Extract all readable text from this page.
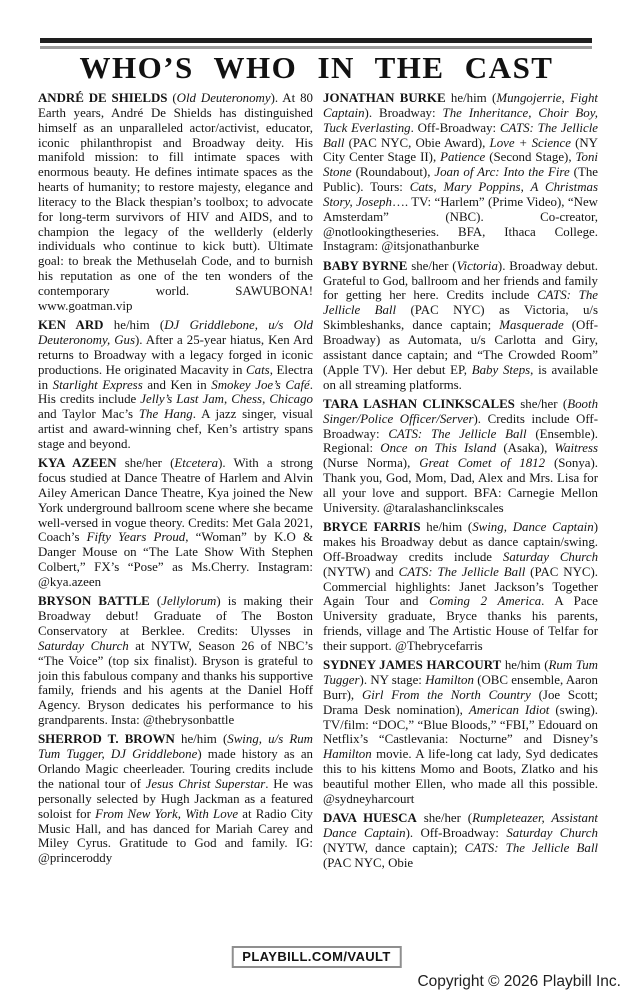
WHO’S WHO IN THE CAST

ANDRÉ DE SHIELDS (Old Deuteronomy). At 80 Earth years, André De Shields has distinguished himself as an unparalleled actor/activist, educator, iconic philanthropist and Broadway deity. His manifold mission: to fill intimate spaces with enormous beauty. He defines intimate spaces as the hearts of humanity; to restore majesty, elegance and literacy to the Black thespian’s toolbox; to advocate for long-term survivors of HIV and AIDS, and to champion the legacy of the wellderly (elderly individuals who continue to kick butt). Ultimate goal: to break the Methuselah Code, and to burnish his reputation as one of the ten wonders of the contemporary world. SAWUBONA! www.goatman.vip

KEN ARD he/him (DJ Griddlebone, u/s Old Deuteronomy, Gus). After a 25-year hiatus, Ken Ard returns to Broadway with a legacy forged in iconic productions. He originated Macavity in Cats, Electra in Starlight Express and Ken in Smokey Joe’s Café. His credits include Jelly’s Last Jam, Chess, Chicago and Taylor Mac’s The Hang. A jazz singer, visual artist and award-winning chef, Ken’s artistry spans stage and beyond.

KYA AZEEN she/her (Etcetera). With a strong focus studied at Dance Theatre of Harlem and Alvin Ailey American Dance Theatre, Kya joined the New York underground ballroom scene where she became well-versed in vogue theory. Credits: Met Gala 2021, Coach’s Fifty Years Proud, “Woman” by K.O & Danger Mouse on “The Late Show With Stephen Colbert,” FX’s “Pose” as Ms.Cherry. Instagram: @kya.azeen

BRYSON BATTLE (Jellylorum) is making their Broadway debut! Graduate of The Boston Conservatory at Berklee. Credits: Ulysses in Saturday Church at NYTW, Season 26 of NBC’s “The Voice” (top six finalist). Bryson is grateful to join this fabulous company and thanks his supportive family, friends and his agents at the Daniel Hoff Agency. Bryson dedicates his performance to his grandparents. Insta: @thebrysonbattle

SHERROD T. BROWN he/him (Swing, u/s Rum Tum Tugger, DJ Griddlebone) made history as an Orlando Magic cheerleader. Touring credits include the national tour of Jesus Christ Superstar. He was personally selected by Hugh Jackman as a featured soloist for From New York, With Love at Radio City Music Hall, and has danced for Mariah Carey and Miley Cyrus. Gratitude to God and family. IG: @princeroddy

JONATHAN BURKE he/him (Mungojerrie, Fight Captain). Broadway: The Inheritance, Choir Boy, Tuck Everlasting. Off-Broadway: CATS: The Jellicle Ball (PAC NYC, Obie Award), Love + Science (NY City Center Stage II), Patience (Second Stage), Toni Stone (Roundabout), Joan of Arc: Into the Fire (The Public). Tours: Cats, Mary Poppins, A Christmas Story, Joseph…. TV: “Harlem” (Prime Video), “New Amsterdam” (NBC). Co-creator, @notlookingtheseries. BFA, Ithaca College. Instagram: @itsjonathanburke

BABY BYRNE she/her (Victoria). Broadway debut. Grateful to God, ballroom and her friends and family for getting her here. Credits include CATS: The Jellicle Ball (PAC NYC) as Victoria, u/s Skimbleshanks, dance captain; Masquerade (Off-Broadway) as Automata, u/s Carlotta and Giry, assistant dance captain; and “The Crowded Room” (Apple TV). Her debut EP, Baby Steps, is available on all streaming platforms.

TARA LASHAN CLINKSCALES she/her (Booth Singer/Police Officer/Server). Credits include Off-Broadway: CATS: The Jellicle Ball (Ensemble). Regional: Once on This Island (Asaka), Waitress (Nurse Norma), Great Comet of 1812 (Sonya). Thank you, God, Mom, Dad, Alex and Mrs. Lisa for all your love and support. BFA: Carnegie Mellon University. @taralashanclinkscales

BRYCE FARRIS he/him (Swing, Dance Captain) makes his Broadway debut as dance captain/swing. Off-Broadway credits include Saturday Church (NYTW) and CATS: The Jellicle Ball (PAC NYC). Commercial highlights: Janet Jackson’s Together Again Tour and Coming 2 America. A Pace University graduate, Bryce thanks his parents, friends, village and The Artistic House of Telfar for their support. @Thebrycefarris

SYDNEY JAMES HARCOURT he/him (Rum Tum Tugger). NY stage: Hamilton (OBC ensemble, Aaron Burr), Girl From the North Country (Joe Scott; Drama Desk nomination), American Idiot (swing). TV/film: “DOC,” “Blue Bloods,” “FBI,” Edouard on Netflix’s “Castlevania: Nocturne” and Disney’s Hamilton movie. A life-long cat lady, Syd dedicates this to his kittens Momo and Boots, Zlatko and his beautiful mother Ellen, who made all this possible. @sydneyharcourt

DAVA HUESCA she/her (Rumpleteazer, Assistant Dance Captain). Off-Broadway: Saturday Church (NYTW, dance captain); CATS: The Jellicle Ball (PAC NYC, Obie

PLAYBILL.COM/VAULT
Copyright © 2026 Playbill Inc.
